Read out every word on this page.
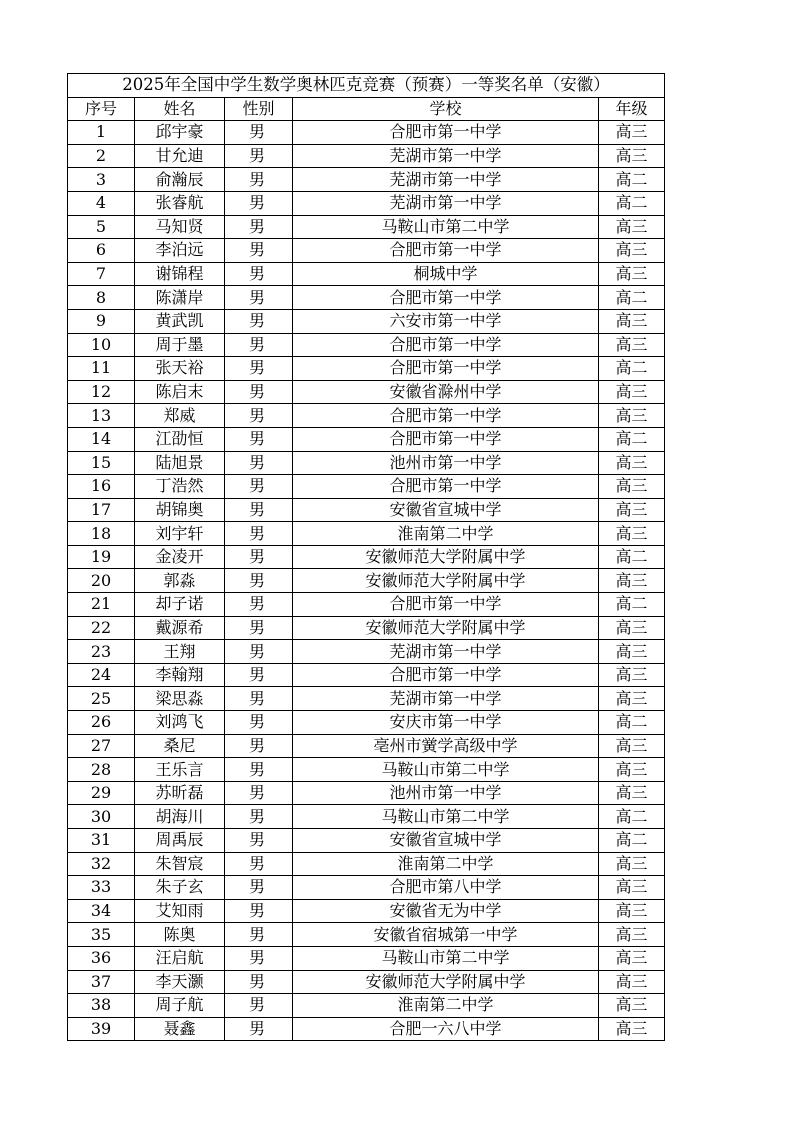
2025年全国中学生数学奥林匹克竞赛（预赛）一等奖名单（安徽）				
序号	姓名	性别	学校	年级
1	邱宇豪	男	合肥市第一中学	高三
2	甘允迪	男	芜湖市第一中学	高三
3	俞瀚辰	男	芜湖市第一中学	高二
4	张睿航	男	芜湖市第一中学	高二
5	马知贤	男	马鞍山市第二中学	高三
6	李泊远	男	合肥市第一中学	高三
7	谢锦程	男	桐城中学	高三
8	陈潇岸	男	合肥市第一中学	高二
9	黄武凯	男	六安市第一中学	高三
10	周于墨	男	合肥市第一中学	高三
11	张天裕	男	合肥市第一中学	高二
12	陈启末	男	安徽省滁州中学	高三
13	郑威	男	合肥市第一中学	高三
14	江劭恒	男	合肥市第一中学	高二
15	陆旭景	男	池州市第一中学	高三
16	丁浩然	男	合肥市第一中学	高三
17	胡锦奥	男	安徽省宣城中学	高三
18	刘宇轩	男	淮南第二中学	高三
19	金凌开	男	安徽师范大学附属中学	高二
20	郭淼	男	安徽师范大学附属中学	高三
21	却子诺	男	合肥市第一中学	高二
22	戴源希	男	安徽师范大学附属中学	高三
23	王翔	男	芜湖市第一中学	高三
24	李翰翔	男	合肥市第一中学	高三
25	梁思淼	男	芜湖市第一中学	高三
26	刘鸿飞	男	安庆市第一中学	高二
27	桑尼	男	亳州市黉学高级中学	高三
28	王乐言	男	马鞍山市第二中学	高三
29	苏昕磊	男	池州市第一中学	高三
30	胡海川	男	马鞍山市第二中学	高二
31	周禹辰	男	安徽省宣城中学	高二
32	朱智宸	男	淮南第二中学	高三
33	朱子玄	男	合肥市第八中学	高三
34	艾知雨	男	安徽省无为中学	高三
35	陈奥	男	安徽省宿城第一中学	高三
36	汪启航	男	马鞍山市第二中学	高三
37	李天灏	男	安徽师范大学附属中学	高三
38	周子航	男	淮南第二中学	高三
39	聂鑫	男	合肥一六八中学	高三
